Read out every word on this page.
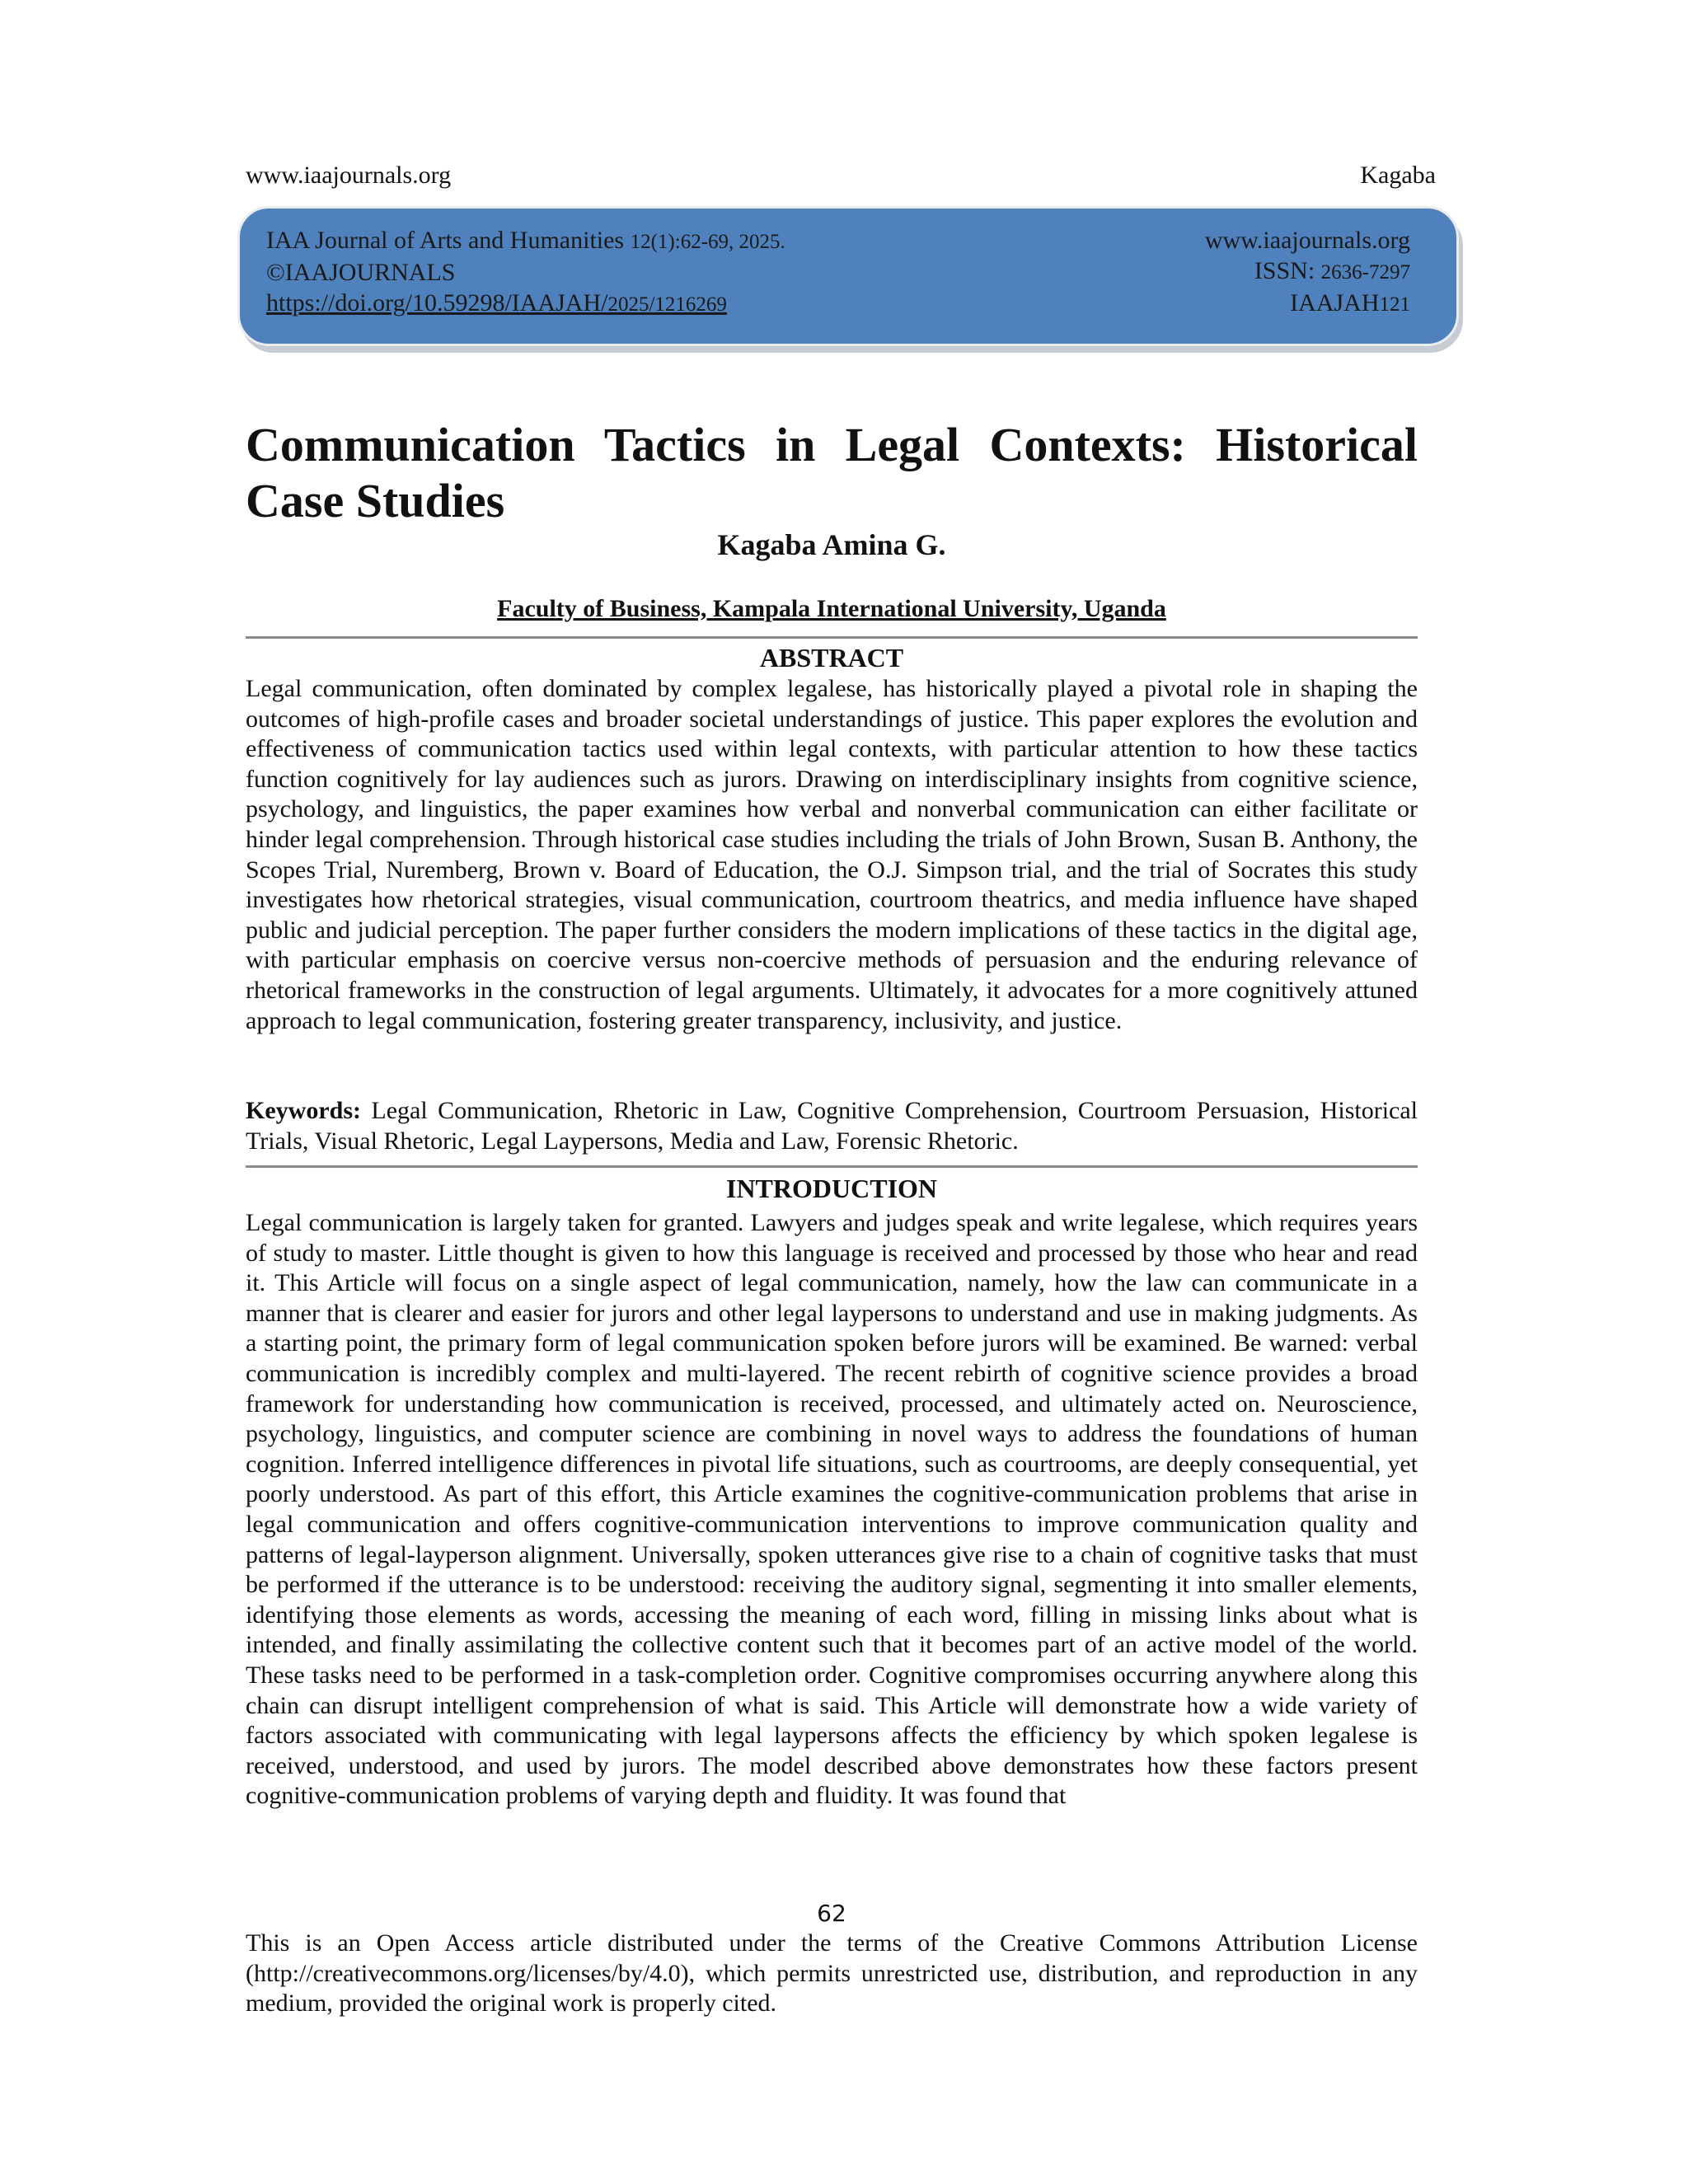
www.iaajournals.org	Kagaba
IAA Journal of Arts and Humanities 12(1):62-69, 2025.
©IAAJOURNALS
https://doi.org/10.59298/IAAJAH/2025/1216269
www.iaajournals.org
ISSN: 2636-7297
IAAJAH121
Communication Tactics in Legal Contexts: Historical Case Studies
Kagaba Amina G.
Faculty of Business, Kampala International University, Uganda
ABSTRACT

Legal communication, often dominated by complex legalese, has historically played a pivotal role in shaping the outcomes of high-profile cases and broader societal understandings of justice. This paper explores the evolution and effectiveness of communication tactics used within legal contexts, with particular attention to how these tactics function cognitively for lay audiences such as jurors. Drawing on interdisciplinary insights from cognitive science, psychology, and linguistics, the paper examines how verbal and nonverbal communication can either facilitate or hinder legal comprehension. Through historical case studies including the trials of John Brown, Susan B. Anthony, the Scopes Trial, Nuremberg, Brown v. Board of Education, the O.J. Simpson trial, and the trial of Socrates this study investigates how rhetorical strategies, visual communication, courtroom theatrics, and media influence have shaped public and judicial perception. The paper further considers the modern implications of these tactics in the digital age, with particular emphasis on coercive versus non-coercive methods of persuasion and the enduring relevance of rhetorical frameworks in the construction of legal arguments. Ultimately, it advocates for a more cognitively attuned approach to legal communication, fostering greater transparency, inclusivity, and justice.

Keywords: Legal Communication, Rhetoric in Law, Cognitive Comprehension, Courtroom Persuasion, Historical Trials, Visual Rhetoric, Legal Laypersons, Media and Law, Forensic Rhetoric.

INTRODUCTION

Legal communication is largely taken for granted. Lawyers and judges speak and write legalese, which requires years of study to master. Little thought is given to how this language is received and processed by those who hear and read it. This Article will focus on a single aspect of legal communication, namely, how the law can communicate in a manner that is clearer and easier for jurors and other legal laypersons to understand and use in making judgments. As a starting point, the primary form of legal communication spoken before jurors will be examined. Be warned: verbal communication is incredibly complex and multi-layered. The recent rebirth of cognitive science provides a broad framework for understanding how communication is received, processed, and ultimately acted on. Neuroscience, psychology, linguistics, and computer science are combining in novel ways to address the foundations of human cognition. Inferred intelligence differences in pivotal life situations, such as courtrooms, are deeply consequential, yet poorly understood. As part of this effort, this Article examines the cognitive-communication problems that arise in legal communication and offers cognitive-communication interventions to improve communication quality and patterns of legal-layperson alignment. Universally, spoken utterances give rise to a chain of cognitive tasks that must be performed if the utterance is to be understood: receiving the auditory signal, segmenting it into smaller elements, identifying those elements as words, accessing the meaning of each word, filling in missing links about what is intended, and finally assimilating the collective content such that it becomes part of an active model of the world. These tasks need to be performed in a task-completion order. Cognitive compromises occurring anywhere along this chain can disrupt intelligent comprehension of what is said. This Article will demonstrate how a wide variety of factors associated with communicating with legal laypersons affects the efficiency by which spoken legalese is received, understood, and used by jurors. The model described above demonstrates how these factors present cognitive-communication problems of varying depth and fluidity. It was found that

62

This is an Open Access article distributed under the terms of the Creative Commons Attribution License (http://creativecommons.org/licenses/by/4.0), which permits unrestricted use, distribution, and reproduction in any medium, provided the original work is properly cited.
